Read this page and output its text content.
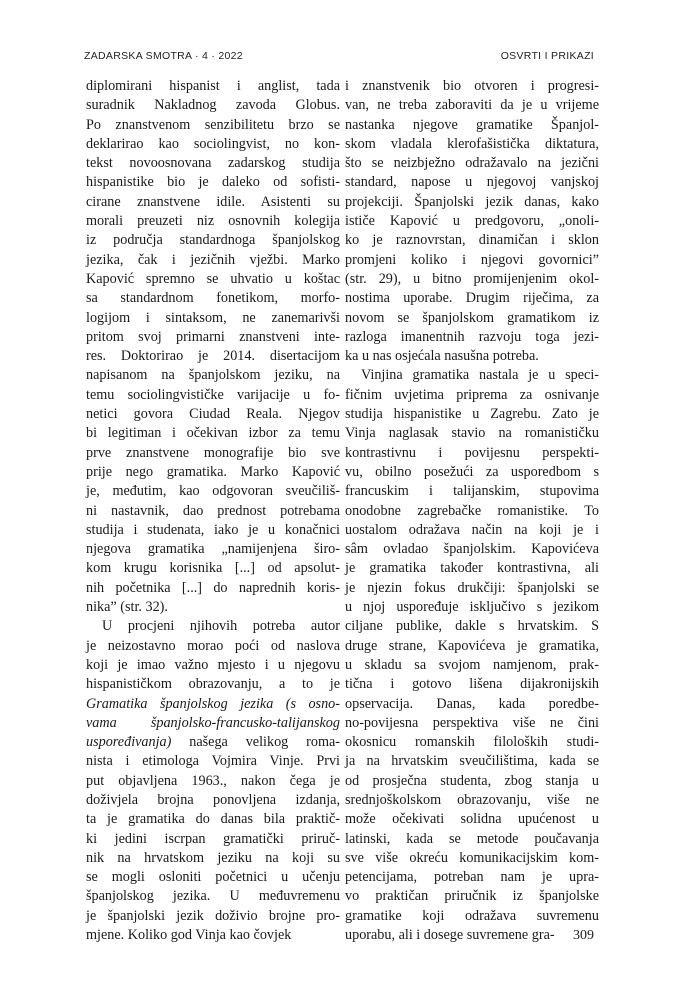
ZADARSKA SMOTRA · 4 · 2022	OSVRTI I PRIKAZI
diplomirani hispanist i anglist, tada
suradnik Nakladnog zavoda Globus.
Po znanstvenom senzibilitetu brzo se
deklarirao kao sociolingvist, no kon-
tekst novoosnovana zadarskog studija
hispanistike bio je daleko od sofisti-
cirane znanstvene idile. Asistenti su
morali preuzeti niz osnovnih kolegija
iz područja standardnoga španjolskog
jezika, čak i jezičnih vježbi. Marko
Kapović spremno se uhvatio u koštac
sa standardnom fonetikom, morfo-
logijom i sintaksom, ne zanemarivši
pritom svoj primarni znanstveni inte-
res. Doktorirao je 2014. disertacijom
napisanom na španjolskom jeziku, na
temu sociolingvističke varijacije u fo-
netici govora Ciudad Reala. Njegov
bi legitiman i očekivan izbor za temu
prve znanstvene monografije bio sve
prije nego gramatika. Marko Kapović
je, međutim, kao odgovoran sveučiliš-
ni nastavnik, dao prednost potrebama
studija i studenata, iako je u konačnici
njegova gramatika „namijenjena širo-
kom krugu korisnika [...] od apsolut-
nih početnika [...] do naprednih koris-
nika” (str. 32).
U procjeni njihovih potreba autor
je neizostavno morao poći od naslova
koji je imao važno mjesto i u njegovu
hispanističkom obrazovanju, a to je
Gramatika španjolskog jezika (s osno-
vama španjolsko-francusko-talijanskog
uspoređivanja) našega velikog roma-
nista i etimologa Vojmira Vinje. Prvi
put objavljena 1963., nakon čega je
doživjela brojna ponovljena izdanja,
ta je gramatika do danas bila praktič-
ki jedini iscrpan gramatički priruč-
nik na hrvatskom jeziku na koji su
se mogli osloniti početnici u učenju
španjolskog jezika. U međuvremenu
je španjolski jezik doživio brojne pro-
mjene. Koliko god Vinja kao čovjek
i znanstvenik bio otvoren i progresi-
van, ne treba zaboraviti da je u vrijeme
nastanka njegove gramatike Španjol-
skom vladala klerofašistička diktatura,
što se neizbježno odražavalo na jezični
standard, napose u njegovoj vanjskoj
projekciji. Španjolski jezik danas, kako
ističe Kapović u predgovoru, „onoli-
ko je raznovrstan, dinamičan i sklon
promjeni koliko i njegovi govornici”
(str. 29), u bitno promijenjenim okol-
nostima uporabe. Drugim riječima, za
novom se španjolskom gramatikom iz
razloga imanentnih razvoju toga jezi-
ka u nas osjećala nasušna potreba.
Vinjina gramatika nastala je u speci-
fičnim uvjetima priprema za osnivanje
studija hispanistike u Zagrebu. Zato je
Vinja naglasak stavio na romanističku
kontrastivnu i povijesnu perspekti-
vu, obilno posežući za usporedbom s
francuskim i talijanskim, stupovima
onodobne zagrebačke romanistike. To
uostalom odražava način na koji je i
sâm ovladao španjolskim. Kapovićeva
je gramatika također kontrastivna, ali
je njezin fokus drukčiji: španjolski se
u njoj uspoređuje isključivo s jezikom
ciljane publike, dakle s hrvatskim. S
druge strane, Kapovićeva je gramatika,
u skladu sa svojom namjenom, prak-
tična i gotovo lišena dijakronijskih
opservacija. Danas, kada poredbe-
no-povijesna perspektiva više ne čini
okosnicu romanskih filoloških studi-
ja na hrvatskim sveučilištima, kada se
od prosječna studenta, zbog stanja u
srednjoškolskom obrazovanju, više ne
može očekivati solidna upućenost u
latinski, kada se metode poučavanja
sve više okreću komunikacijskim kom-
petencijama, potreban nam je upra-
vo praktičan priručnik iz španjolske
gramatike koji odražava suvremenu
uporabu, ali i dosege suvremene gra-	309
